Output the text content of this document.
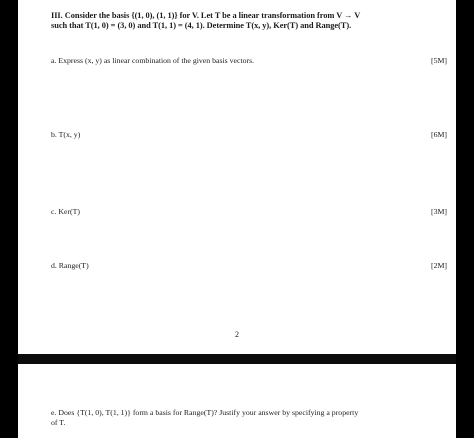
III. Consider the basis {(1, 0), (1, 1)} for V. Let T be a linear transformation from V → V

such that T(1, 0) = (3, 0) and T(1, 1) = (4, 1). Determine T(x, y), Ker(T) and Range(T).

a. Express (x, y) as linear combination of the given basis vectors.	[5M]
b. T(x, y)	[6M]
c. Ker(T)	[3M]
d. Range(T)	[2M]
2

e. Does {T(1, 0), T(1, 1)} form a basis for Range(T)? Justify your answer by specifying a property

of T.
